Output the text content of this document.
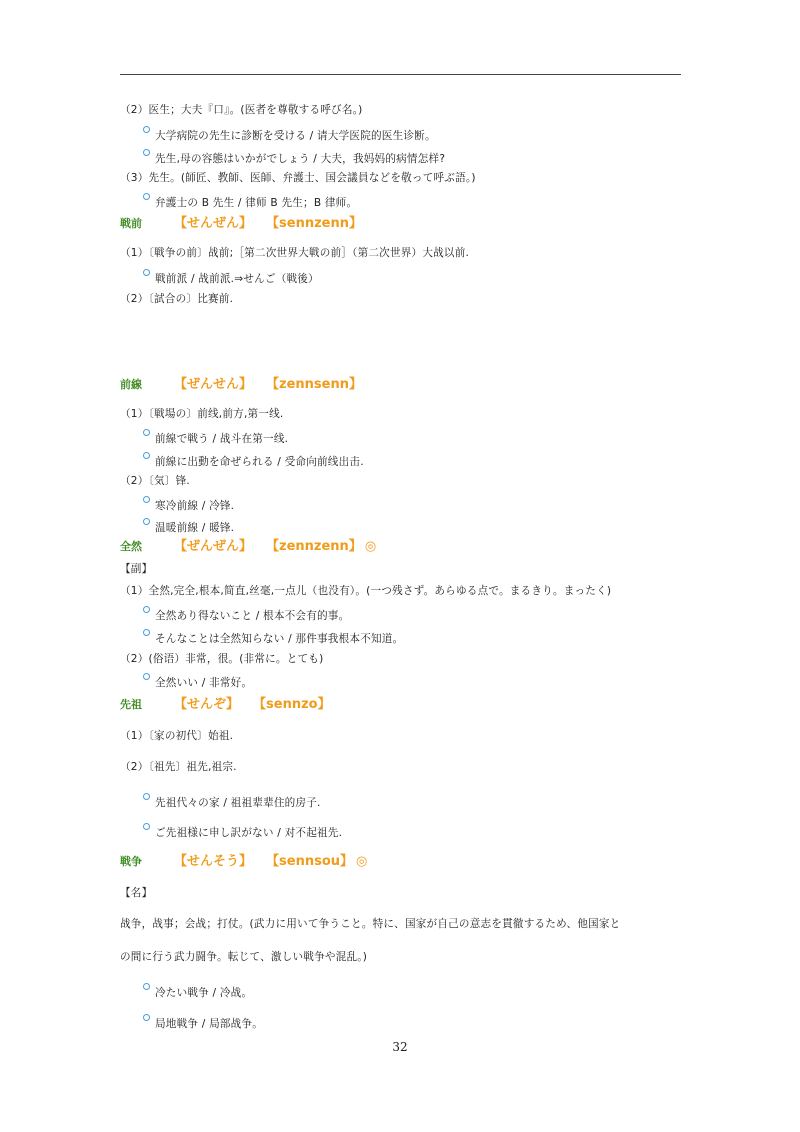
（2）医生；大夫『口』。(医者を尊敬する呼び名。)
大学病院の先生に診断を受ける / 请大学医院的医生诊断。
先生,母の容態はいかがでしょう / 大夫，我妈妈的病情怎样?
（3）先生。(師匠、教師、医師、弁護士、国会議員などを敬って呼ぶ語。)
弁護士の B 先生 / 律师 B 先生；B 律师。
戦前 【せんぜん】 【sennzenn】
（1）〔戦争の前〕战前;［第二次世界大戦の前］（第二次世界）大战以前.
戦前派 / 战前派.⇒せんご（戦後）
（2）〔試合の〕比赛前.
前線 【ぜんせん】 【zennsenn】
（1）〔戦場の〕前线,前方,第一线.
前線で戦う / 战斗在第一线.
前線に出動を命ぜられる / 受命向前线出击.
（2）〔気〕锋.
寒冷前線 / 冷锋.
温暖前線 / 暖锋.
全然 【ぜんぜん】 【zennzenn】 ◎
【副】
（1）全然,完全,根本,简直,丝毫,一点儿（也没有）。(一つ残さず。あらゆる点で。まるきり。まったく)
全然あり得ないこと / 根本不会有的事。
そんなことは全然知らない / 那件事我根本不知道。
（2）(俗语）非常，很。(非常に。とても)
全然いい / 非常好。
先祖 【せんぞ】 【sennzo】
（1）〔家の初代〕始祖.
（2）〔祖先〕祖先,祖宗.
先祖代々の家 / 祖祖辈辈住的房子.
ご先祖様に申し訳がない / 对不起祖先.
戦争 【せんそう】 【sennsou】 ◎
【名】
战争，战事；会战；打仗。(武力に用いて争うこと。特に、国家が自己の意志を貫徹するため、他国家と
の間に行う武力闘争。転じて、激しい戦争や混乱。)
冷たい戦争 / 冷战。
局地戦争 / 局部战争。
32
